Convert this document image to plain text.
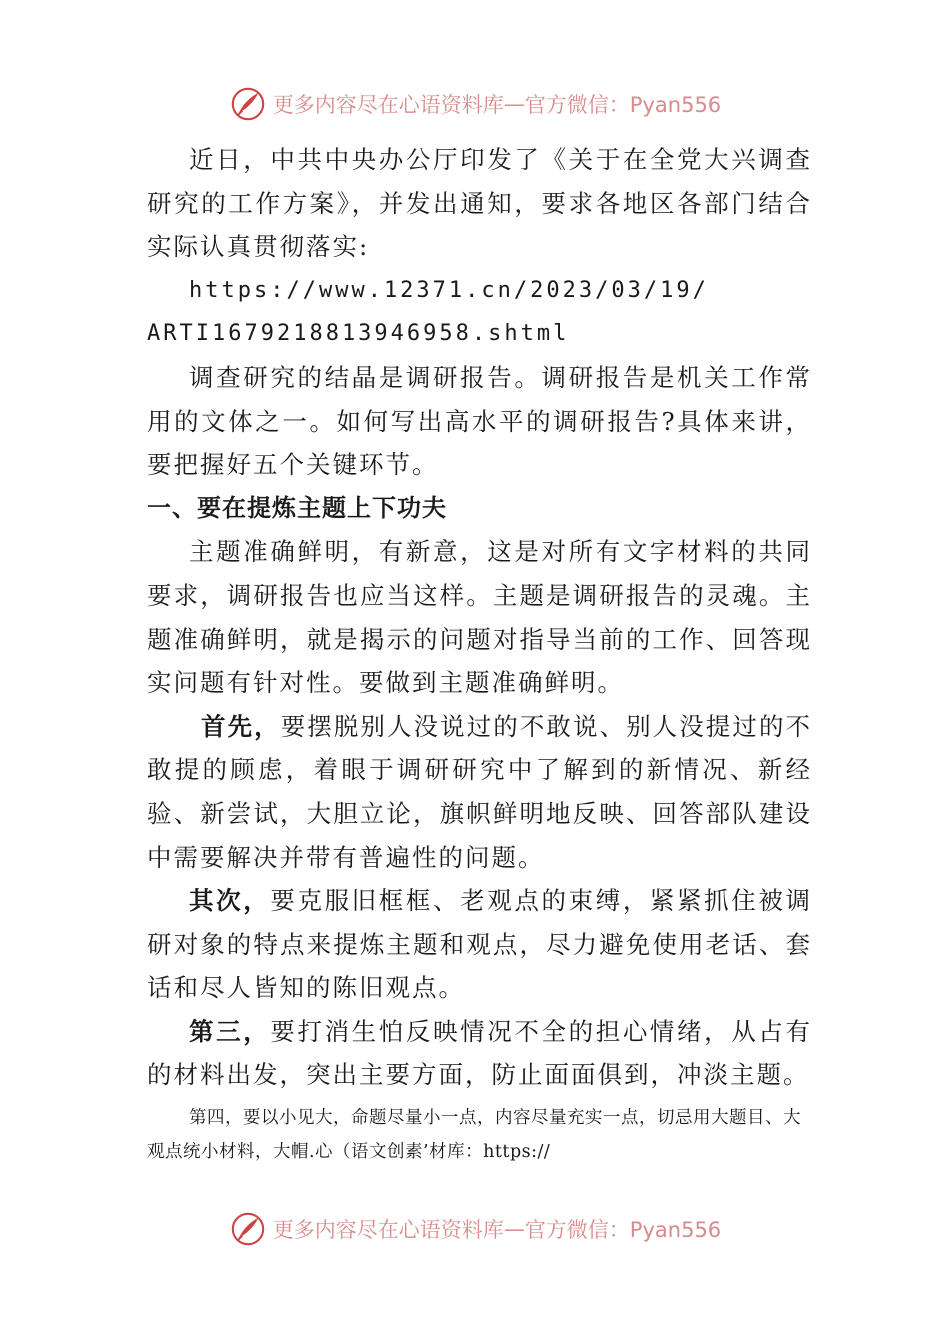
更多内容尽在心语资料库 — 官方微信：Pyan556

近日，中共中央办公厅印发了《关于在全党大兴调查研究的工作方案》，并发出通知，要求各地区各部门结合实际认真贯彻落实:

https://www.12371.cn/2023/03/19/

ARTI1679218813946958.shtml

调查研究的结晶是调研报告。调研报告是机关工作常用的文体之一。如何写出高水平的调研报告?具体来讲，要把握好五个关键环节。

一、要在提炼主题上下功夫

主题准确鲜明，有新意，这是对所有文字材料的共同要求，调研报告也应当这样。主题是调研报告的灵魂。主题准确鲜明，就是揭示的问题对指导当前的工作、回答现实问题有针对性。要做到主题准确鲜明。

首先，要摆脱别人没说过的不敢说、别人没提过的不敢提的顾虑，着眼于调研研究中了解到的新情况、新经验、新尝试，大胆立论，旗帜鲜明地反映、回答部队建设中需要解决并带有普遍性的问题。

其次，要克服旧框框、老观点的束缚，紧紧抓住被调研对象的特点来提炼主题和观点，尽力避免使用老话、套话和尽人皆知的陈旧观点。

第三，要打消生怕反映情况不全的担心情绪，从占有的材料出发，突出主要方面，防止面面俱到，冲淡主题。

第四，要以小见大，命题尽量小一点，内容尽量充实一点，切忌用大题目、大观点统小材料，大帽.心（语文创素’材库：https://

更多内容尽在心语资料库 — 官方微信：Pyan556
